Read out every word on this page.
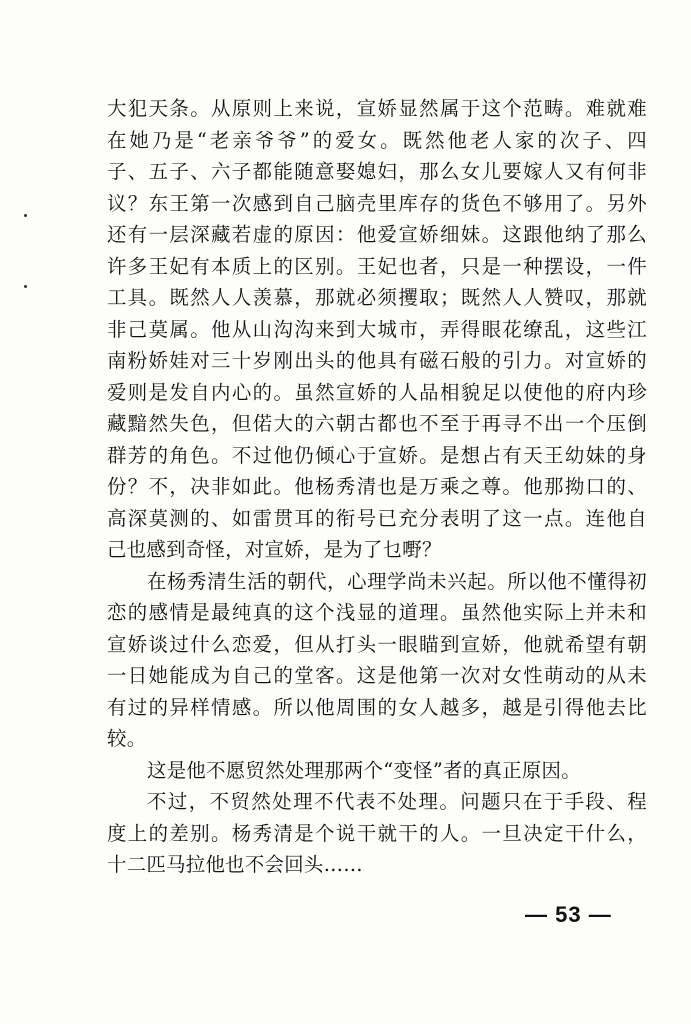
大犯天条。从原则上来说，宣娇显然属于这个范畴。难就难
在她乃是“老亲爷爷”的爱女。既然他老人家的次子、四
子、五子、六子都能随意娶媳妇，那么女儿要嫁人又有何非
议？东王第一次感到自己脑壳里库存的货色不够用了。另外
还有一层深藏若虚的原因：他爱宣娇细妹。这跟他纳了那么
许多王妃有本质上的区别。王妃也者，只是一种摆设，一件
工具。既然人人羡慕，那就必须攫取；既然人人赞叹，那就
非己莫属。他从山沟沟来到大城市，弄得眼花缭乱，这些江
南粉娇娃对三十岁刚出头的他具有磁石般的引力。对宣娇的
爱则是发自内心的。虽然宣娇的人品相貌足以使他的府内珍
藏黯然失色，但偌大的六朝古都也不至于再寻不出一个压倒
群芳的角色。不过他仍倾心于宣娇。是想占有天王幼妹的身
份？不，决非如此。他杨秀清也是万乘之尊。他那拗口的、
高深莫测的、如雷贯耳的衔号已充分表明了这一点。连他自
己也感到奇怪，对宣娇，是为了乜嘢？
在杨秀清生活的朝代，心理学尚未兴起。所以他不懂得初
恋的感情是最纯真的这个浅显的道理。虽然他实际上并未和
宣娇谈过什么恋爱，但从打头一眼瞄到宣娇，他就希望有朝
一日她能成为自己的堂客。这是他第一次对女性萌动的从未
有过的异样情感。所以他周围的女人越多，越是引得他去比
较。
这是他不愿贸然处理那两个“变怪”者的真正原因。
不过，不贸然处理不代表不处理。问题只在于手段、程
度上的差别。杨秀清是个说干就干的人。一旦决定干什么，
十二匹马拉他也不会回头……
— 53 —
